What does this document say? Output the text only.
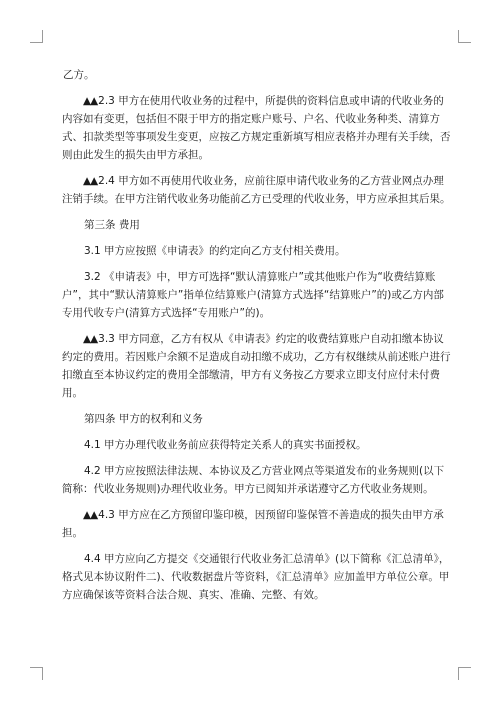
乙方。

▲▲2.3 甲方在使用代收业务的过程中，所提供的资料信息或申请的代收业务的内容如有变更，包括但不限于甲方的指定账户账号、户名、代收业务种类、清算方式、扣款类型等事项发生变更，应按乙方规定重新填写相应表格并办理有关手续，否则由此发生的损失由甲方承担。

▲▲2.4 甲方如不再使用代收业务，应前往原申请代收业务的乙方营业网点办理注销手续。在甲方注销代收业务功能前乙方已受理的代收业务，甲方应承担其后果。

第三条 费用

3.1 甲方应按照《申请表》的约定向乙方支付相关费用。

3.2 《申请表》中，甲方可选择“默认清算账户”或其他账户作为“收费结算账户”，其中“默认清算账户”指单位结算账户(清算方式选择“结算账户”的)或乙方内部专用代收专户(清算方式选择“专用账户”的)。

▲▲3.3 甲方同意，乙方有权从《申请表》约定的收费结算账户自动扣缴本协议约定的费用。若因账户余额不足造成自动扣缴不成功，乙方有权继续从前述账户进行扣缴直至本协议约定的费用全部缴清，甲方有义务按乙方要求立即支付应付未付费用。

第四条 甲方的权利和义务

4.1 甲方办理代收业务前应获得特定关系人的真实书面授权。

4.2 甲方应按照法律法规、本协议及乙方营业网点等渠道发布的业务规则(以下简称：代收业务规则)办理代收业务。甲方已阅知并承诺遵守乙方代收业务规则。

▲▲4.3 甲方应在乙方预留印鉴印模，因预留印鉴保管不善造成的损失由甲方承担。

4.4 甲方应向乙方提交《交通银行代收业务汇总清单》(以下简称《汇总清单》，格式见本协议附件二)、代收数据盘片等资料，《汇总清单》应加盖甲方单位公章。甲方应确保该等资料合法合规、真实、准确、完整、有效。
